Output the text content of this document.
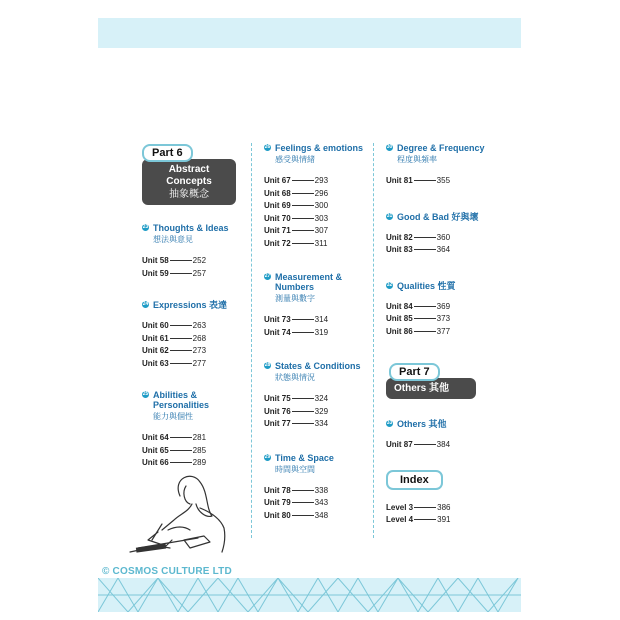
Part 6
Abstract Concepts
抽象概念
23 Thoughts & Ideas
想法與意見
Unit 58	252
Unit 59	257
24 Expressions 表達
Unit 60	263
Unit 61	268
Unit 62	273
Unit 63	277
25 Abilities & Personalities
能力與個性
Unit 64	281
Unit 65	285
Unit 66	289
26 Feelings & emotions
感受與情緒
Unit 67	293
Unit 68	296
Unit 69	300
Unit 70	303
Unit 71	307
Unit 72	311
27 Measurement & Numbers
測量與數字
Unit 73	314
Unit 74	319
28 States & Conditions
狀態與情況
Unit 75	324
Unit 76	329
Unit 77	334
29 Time & Space
時間與空間
Unit 78	338
Unit 79	343
Unit 80	348
30 Degree & Frequency
程度與頻率
Unit 81	355
31 Good & Bad 好與壞
Unit 82	360
Unit 83	364
32 Qualities 性質
Unit 84	369
Unit 85	373
Unit 86	377
Part 7
Others 其他
33 Others 其他
Unit 87	384
Index
Level 3	386
Level 4	391
© COSMOS CULTURE LTD
